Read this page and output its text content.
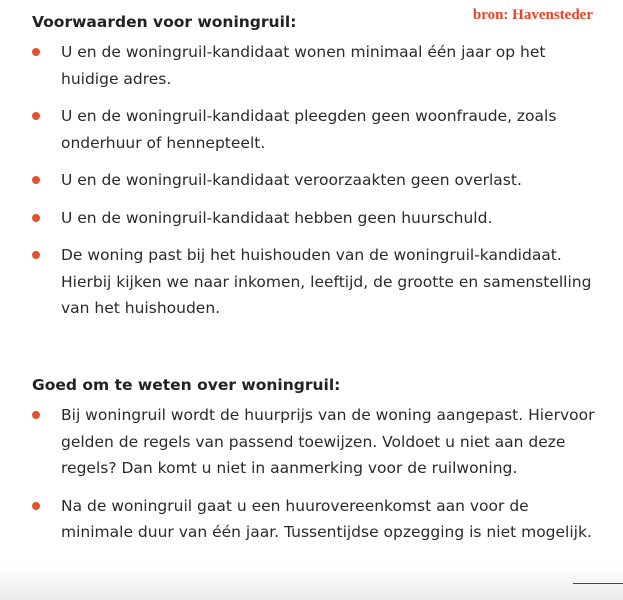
bron: Havensteder
Voorwaarden voor woningruil:
U en de woningruil-kandidaat wonen minimaal één jaar op het huidige adres.
U en de woningruil-kandidaat pleegden geen woonfraude, zoals onderhuur of hennepteelt.
U en de woningruil-kandidaat veroorzaakten geen overlast.
U en de woningruil-kandidaat hebben geen huurschuld.
De woning past bij het huishouden van de woningruil-kandidaat. Hierbij kijken we naar inkomen, leeftijd, de grootte en samenstelling van het huishouden.
Goed om te weten over woningruil:
Bij woningruil wordt de huurprijs van de woning aangepast. Hiervoor gelden de regels van passend toewijzen. Voldoet u niet aan deze regels? Dan komt u niet in aanmerking voor de ruilwoning.
Na de woningruil gaat u een huurovereenkomst aan voor de minimale duur van één jaar. Tussentijdse opzegging is niet mogelijk.
